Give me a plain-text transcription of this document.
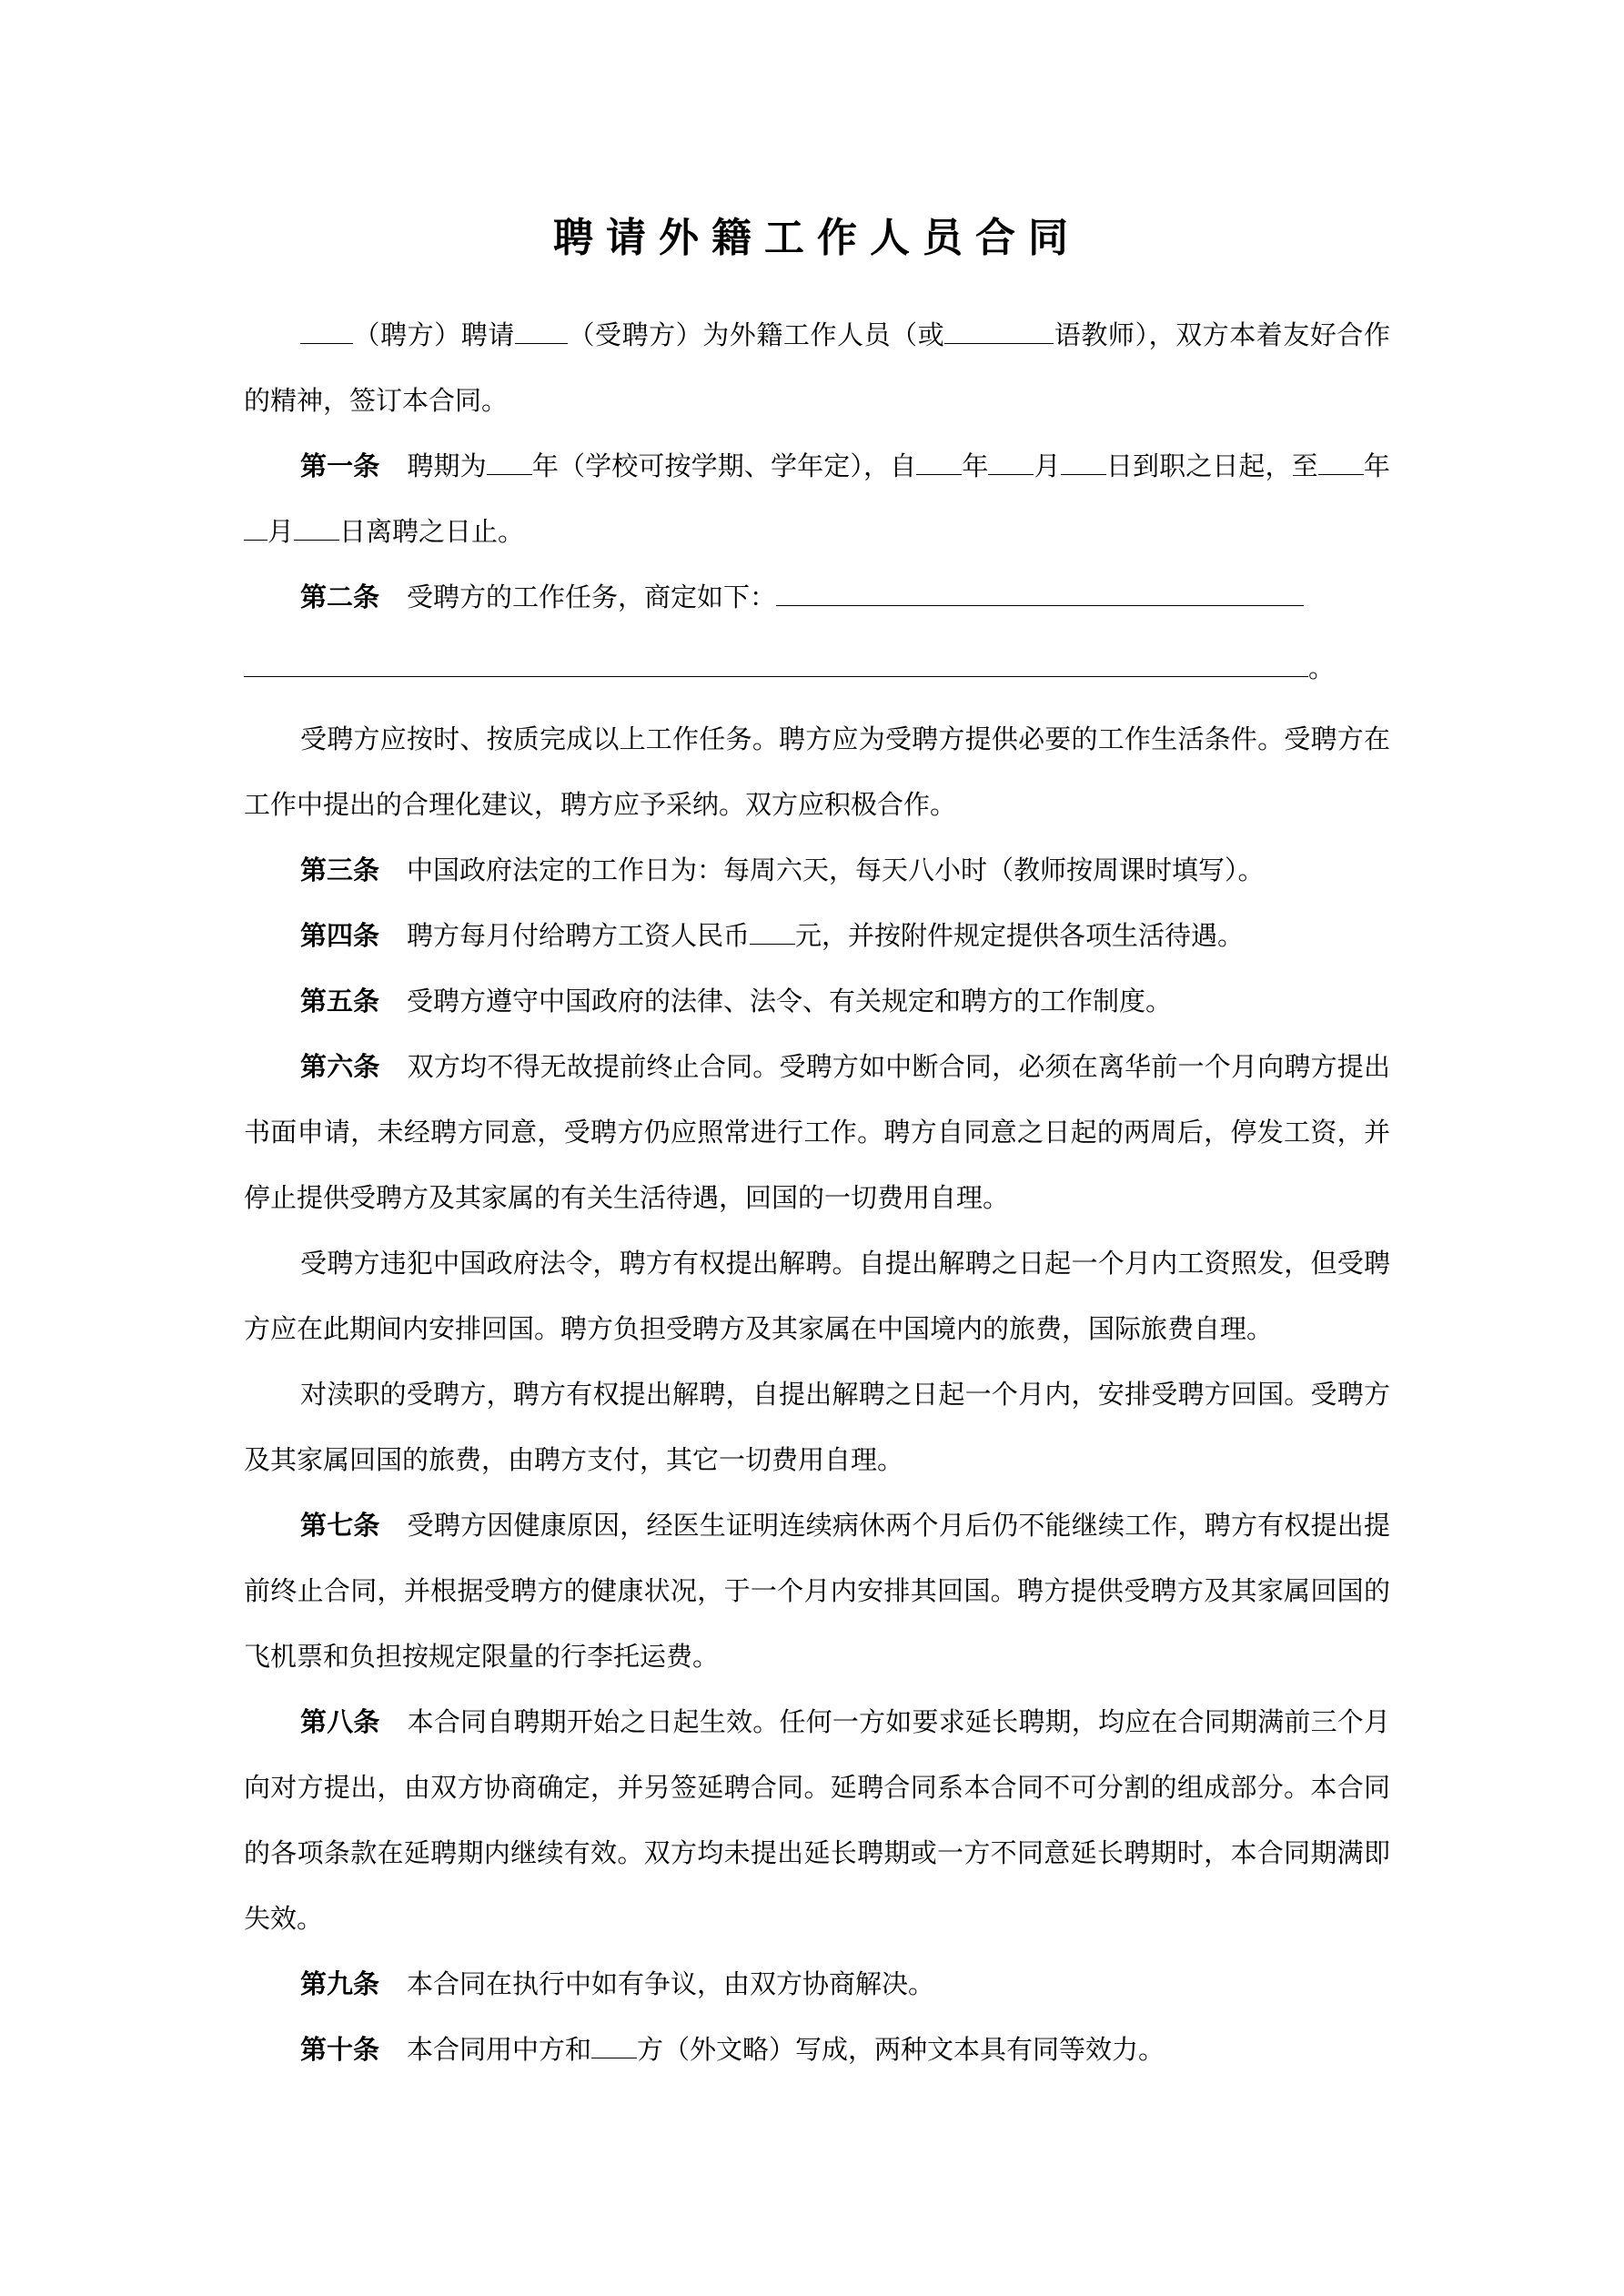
聘请外籍工作人员合同

（聘方）聘请 （受聘方）为外籍工作人员（或	语教师），双方本着友好合作的精神，签订本合同。

第一条 聘期为 年（学校可按学期、学年定），自 年 月 日到职之日起，至 年月 日离聘之日止。

第二条 受聘方的工作任务，商定如下：

。

受聘方应按时、按质完成以上工作任务。聘方应为受聘方提供必要的工作生活条件。受聘方在工作中提出的合理化建议，聘方应予采纳。双方应积极合作。

第三条 中国政府法定的工作日为：每周六天，每天八小时（教师按周课时填写）。

第四条 聘方每月付给聘方工资人民币 元，并按附件规定提供各项生活待遇。

第五条 受聘方遵守中国政府的法律、法令、有关规定和聘方的工作制度。

第六条 双方均不得无故提前终止合同。受聘方如中断合同，必须在离华前一个月向聘方提出书面申请，未经聘方同意，受聘方仍应照常进行工作。聘方自同意之日起的两周后，停发工资，并停止提供受聘方及其家属的有关生活待遇，回国的一切费用自理。

受聘方违犯中国政府法令，聘方有权提出解聘。自提出解聘之日起一个月内工资照发，但受聘方应在此期间内安排回国。聘方负担受聘方及其家属在中国境内的旅费，国际旅费自理。

对渎职的受聘方，聘方有权提出解聘，自提出解聘之日起一个月内，安排受聘方回国。受聘方及其家属回国的旅费，由聘方支付，其它一切费用自理。

第七条 受聘方因健康原因，经医生证明连续病休两个月后仍不能继续工作，聘方有权提出提前终止合同，并根据受聘方的健康状况，于一个月内安排其回国。聘方提供受聘方及其家属回国的飞机票和负担按规定限量的行李托运费。

第八条 本合同自聘期开始之日起生效。任何一方如要求延长聘期，均应在合同期满前三个月向对方提出，由双方协商确定，并另签延聘合同。延聘合同系本合同不可分割的组成部分。本合同的各项条款在延聘期内继续有效。双方均未提出延长聘期或一方不同意延长聘期时，本合同期满即失效。

第九条 本合同在执行中如有争议，由双方协商解决。

第十条 本合同用中方和 方（外文略）写成，两种文本具有同等效力。
